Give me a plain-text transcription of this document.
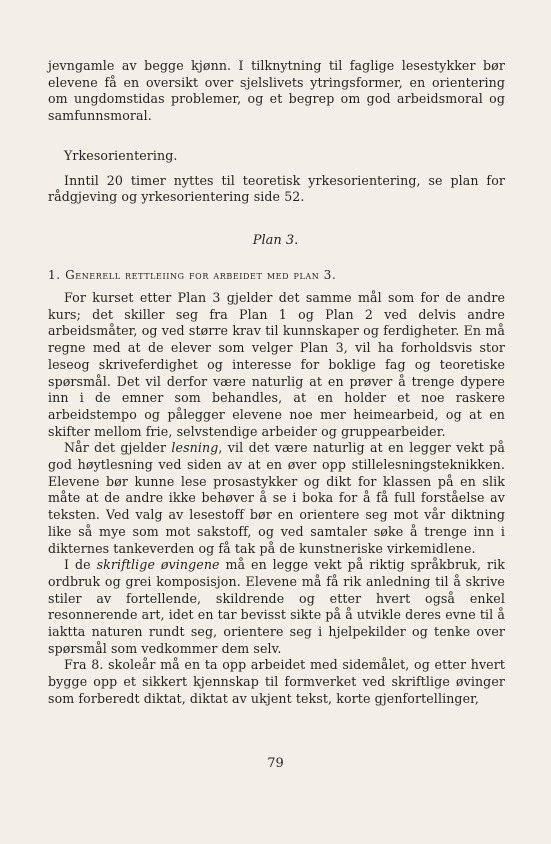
jevngamle av begge kjønn. I tilknytning til faglige lesestykker bør elevene få en oversikt over sjelslivets ytringsformer, en orientering om ungdomstidas problemer, og et begrep om god arbeidsmoral og samfunnsmoral.

Yrkesorientering.

Inntil 20 timer nyttes til teoretisk yrkesorientering, se plan for rådgjeving og yrkesorientering side 52.

Plan 3.
1. Generell rettleiing for arbeidet med plan 3.

For kurset etter Plan 3 gjelder det samme mål som for de andre kurs; det skiller seg fra Plan 1 og Plan 2 ved delvis andre arbeidsmåter, og ved større krav til kunnskaper og ferdigheter. En må regne med at de elever som velger Plan 3, vil ha forholdsvis stor leseog skriveferdighet og interesse for boklige fag og teoretiske spørsmål. Det vil derfor være naturlig at en prøver å trenge dypere inn i de emner som behandles, at en holder et noe raskere arbeidstempo og pålegger elevene noe mer heimearbeid, og at en skifter mellom frie, selvstendige arbeider og gruppearbeider.

Når det gjelder lesning, vil det være naturlig at en legger vekt på god høytlesning ved siden av at en øver opp stillelesningsteknikken. Elevene bør kunne lese prosastykker og dikt for klassen på en slik måte at de andre ikke behøver å se i boka for å få full forståelse av teksten. Ved valg av lesestoff bør en orientere seg mot vår diktning like så mye som mot sakstoff, og ved samtaler søke å trenge inn i dikternes tankeverden og få tak på de kunstneriske virkemidlene.

I de skriftlige øvingene må en legge vekt på riktig språkbruk, rik ordbruk og grei komposisjon. Elevene må få rik anledning til å skrive stiler av fortellende, skildrende og etter hvert også enkel resonnerende art, idet en tar bevisst sikte på å utvikle deres evne til å iaktta naturen rundt seg, orientere seg i hjelpekilder og tenke over spørsmål som vedkommer dem selv.

Fra 8. skoleår må en ta opp arbeidet med sidemålet, og etter hvert bygge opp et sikkert kjennskap til formverket ved skriftlige øvinger som forberedt diktat, diktat av ukjent tekst, korte gjenfortellinger,

79
